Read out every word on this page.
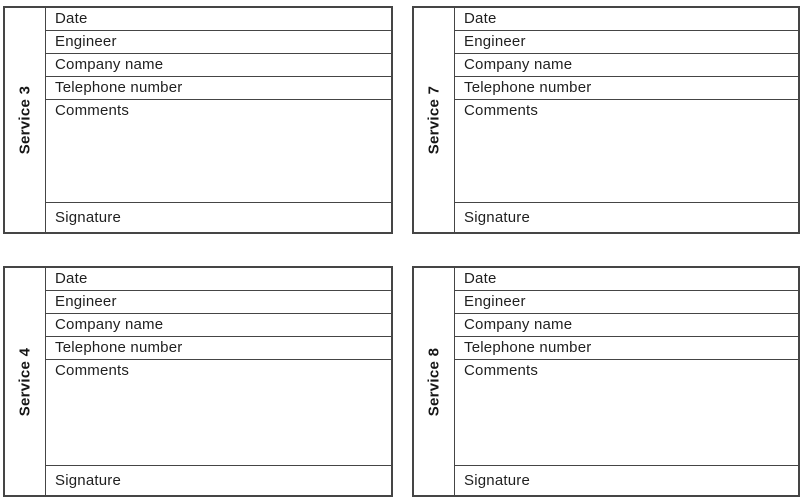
Service 3
Date
Engineer
Company name
Telephone number
Comments
Signature
Service 7
Date
Engineer
Company name
Telephone number
Comments
Signature
Service 4
Date
Engineer
Company name
Telephone number
Comments
Signature
Service 8
Date
Engineer
Company name
Telephone number
Comments
Signature
